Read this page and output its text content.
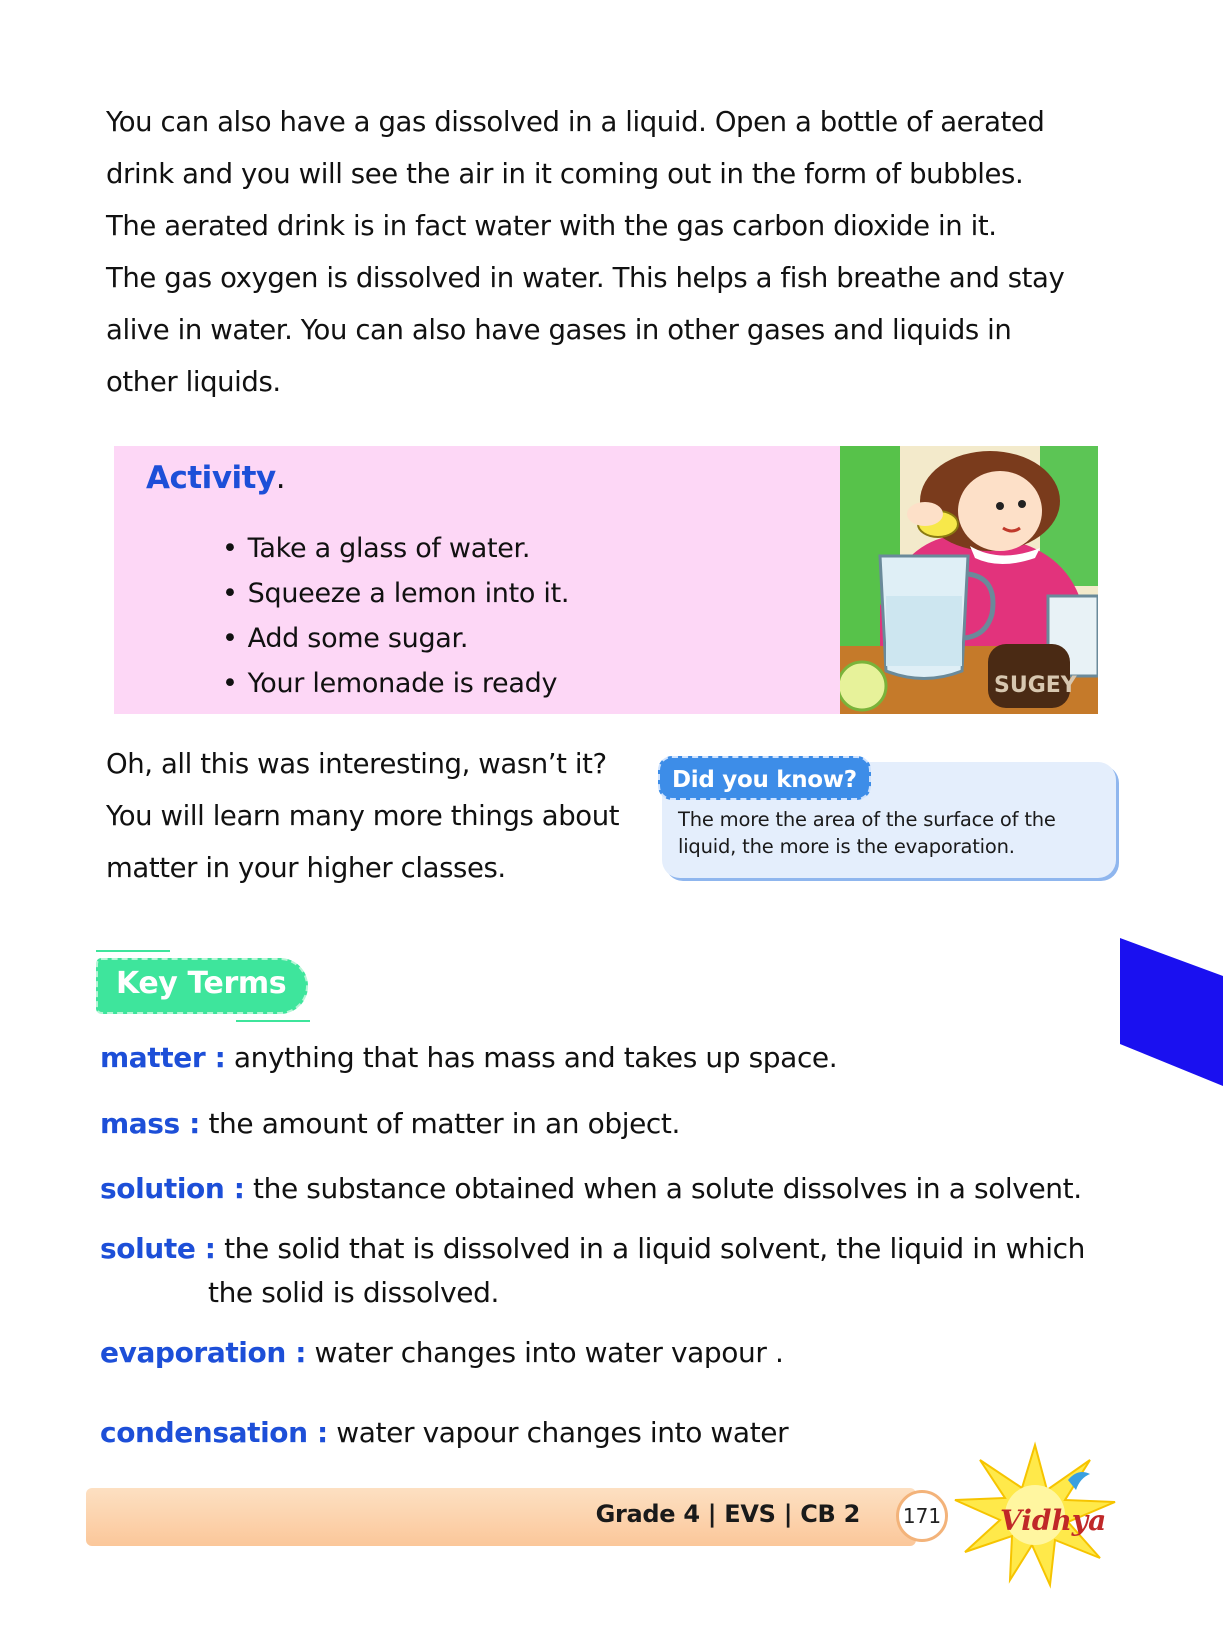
You can also have a gas dissolved in a liquid. Open a bottle of aerated

drink and you will see the air in it coming out in the form of bubbles.

The aerated drink is in fact water with the gas carbon dioxide in it.

The gas oxygen is dissolved in water. This helps a fish breathe and stay

alive in water. You can also have gases in other gases and liquids in

other liquids.

Activity.
• Take a glass of water.
• Squeeze a lemon into it.
• Add some sugar.
• Your lemonade is ready	SUGEY

Oh, all this was interesting, wasn’t it?

You will learn many more things about

matter in your higher classes.

Did you know?
The more the area of the surface of the
liquid, the more is the evaporation.
Key Terms
matter : anything that has mass and takes up space.
mass : the amount of matter in an object.
solution : the substance obtained when a solute dissolves in a solvent.
solute : the solid that is dissolved in a liquid solvent, the liquid in which
the solid is dissolved.
evaporation : water changes into water vapour .
condensation : water vapour changes into water
Grade 4 | EVS | CB 2	171 Vidhya
